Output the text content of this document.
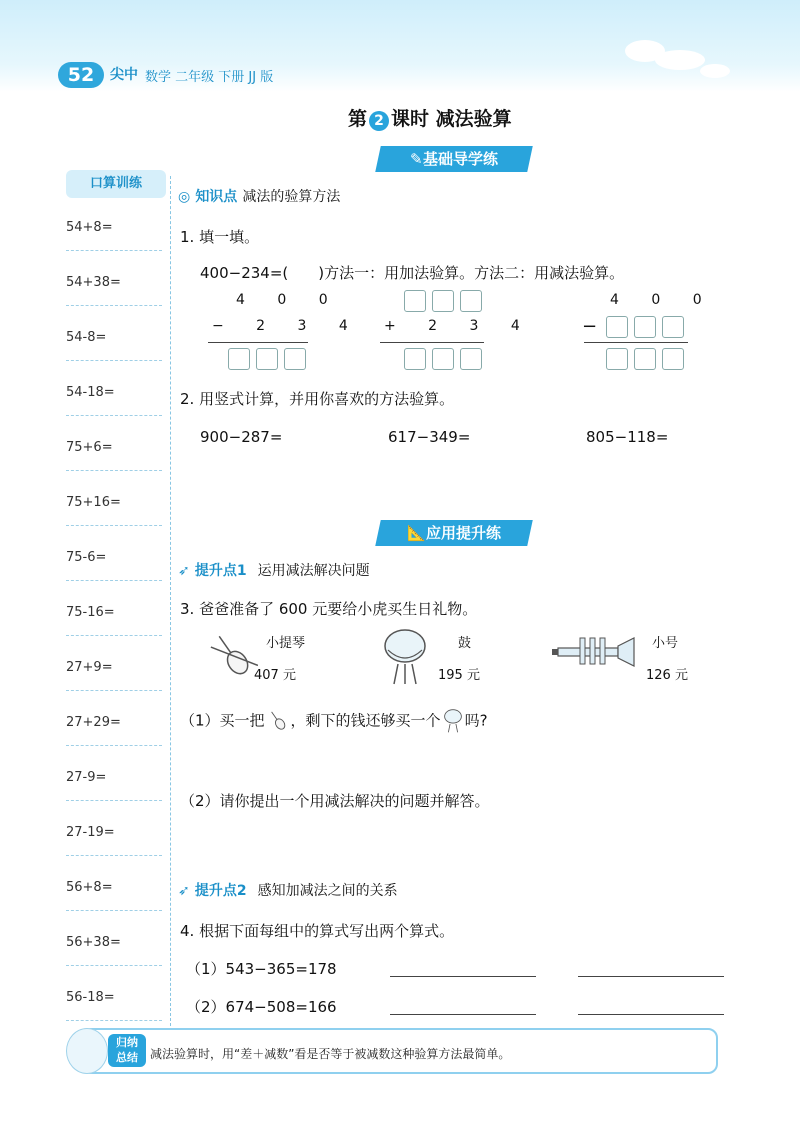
52	尖中 数学 二年级 下册 JJ 版
第 2 课时 减法验算
✎基础导学练
口算训练
54+8=
54+38=
54-8=
54-18=
75+6=
75+16=
75-6=
75-16=
27+9=
27+29=
27-9=
27-19=
56+8=
56+38=
56-18=
◎ 知识点 减法的验算方法
1. 填一填。
400−234=(　　)方法一：用加法验算。方法二：用减法验算。
4 0 0
− 2 3 4 + 2 3 4
4 0 0
−
2. 用竖式计算，并用你喜欢的方法验算。
900−287=	617−349=	805−118=
📐应用提升练
➶ 提升点1 运用减法解决问题
3. 爸爸准备了 600 元要给小虎买生日礼物。
小提琴
407 元
鼓
195 元
小号
126 元
（1）买一把 ，剩下的钱还够买一个 吗?
（2）请你提出一个用减法解决的问题并解答。
➶ 提升点2 感知加减法之间的关系
4. 根据下面每组中的算式写出两个算式。
（1）543−365=178
（2）674−508=166
归纳
总结	减法验算时，用“差＋减数”看是否等于被减数这种验算方法最简单。
